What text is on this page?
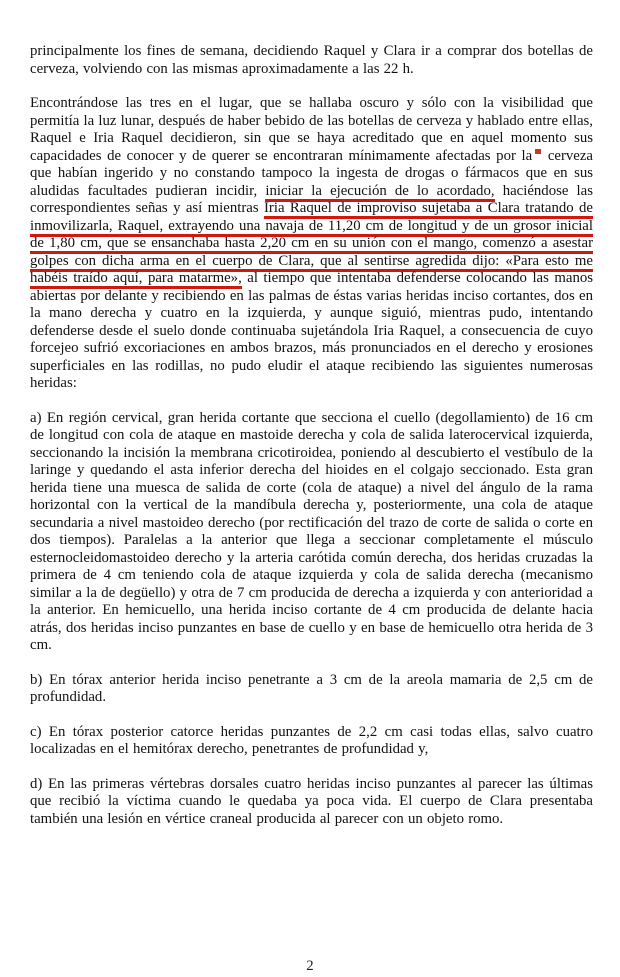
principalmente los fines de semana, decidiendo Raquel y Clara ir a comprar dos botellas de cerveza, volviendo con las mismas aproximadamente a las 22 h.

Encontrándose las tres en el lugar, que se hallaba oscuro y sólo con la visibilidad que permitía la luz lunar, después de haber bebido de las botellas de cerveza y hablado entre ellas, Raquel e Iria Raquel decidieron, sin que se haya acreditado que en aquel momento sus capacidades de conocer y de querer se encontraran mínimamente afectadas por la cerveza que habían ingerido y no constando tampoco la ingesta de drogas o fármacos que en sus aludidas facultades pudieran incidir, iniciar la ejecución de lo acordado, haciéndose las correspondientes señas y así mientras Iria Raquel de improviso sujetaba a Clara tratando de inmovilizarla, Raquel, extrayendo una navaja de 11,20 cm de longitud y de un grosor inicial de 1,80 cm, que se ensanchaba hasta 2,20 cm en su unión con el mango, comenzó a asestar golpes con dicha arma en el cuerpo de Clara, que al sentirse agredida dijo: «Para esto me habéis traído aquí, para matarme», al tiempo que intentaba defenderse colocando las manos abiertas por delante y recibiendo en las palmas de éstas varias heridas inciso cortantes, dos en la mano derecha y cuatro en la izquierda, y aunque siguió, mientras pudo, intentando defenderse desde el suelo donde continuaba sujetándola Iria Raquel, a consecuencia de cuyo forcejeo sufrió excoriaciones en ambos brazos, más pronunciados en el derecho y erosiones superficiales en las rodillas, no pudo eludir el ataque recibiendo las siguientes numerosas heridas:

a) En región cervical, gran herida cortante que secciona el cuello (degollamiento) de 16 cm de longitud con cola de ataque en mastoide derecha y cola de salida laterocervical izquierda, seccionando la incisión la membrana cricotiroidea, poniendo al descubierto el vestíbulo de la laringe y quedando el asta inferior derecha del hioides en el colgajo seccionado. Esta gran herida tiene una muesca de salida de corte (cola de ataque) a nivel del ángulo de la rama horizontal con la vertical de la mandíbula derecha y, posteriormente, una cola de ataque secundaria a nivel mastoideo derecho (por rectificación del trazo de corte de salida o corte en dos tiempos). Paralelas a la anterior que llega a seccionar completamente el músculo esternocleidomastoideo derecho y la arteria carótida común derecha, dos heridas cruzadas la primera de 4 cm teniendo cola de ataque izquierda y cola de salida derecha (mecanismo similar a la de degüello) y otra de 7 cm producida de derecha a izquierda y con anterioridad a la anterior. En hemicuello, una herida inciso cortante de 4 cm producida de delante hacia atrás, dos heridas inciso punzantes en base de cuello y en base de hemicuello otra herida de 3 cm.

b) En tórax anterior herida inciso penetrante a 3 cm de la areola mamaria de 2,5 cm de profundidad.

c) En tórax posterior catorce heridas punzantes de 2,2 cm casi todas ellas, salvo cuatro localizadas en el hemitórax derecho, penetrantes de profundidad y,

d) En las primeras vértebras dorsales cuatro heridas inciso punzantes al parecer las últimas que recibió la víctima cuando le quedaba ya poca vida. El cuerpo de Clara presentaba también una lesión en vértice craneal producida al parecer con un objeto romo.

2
